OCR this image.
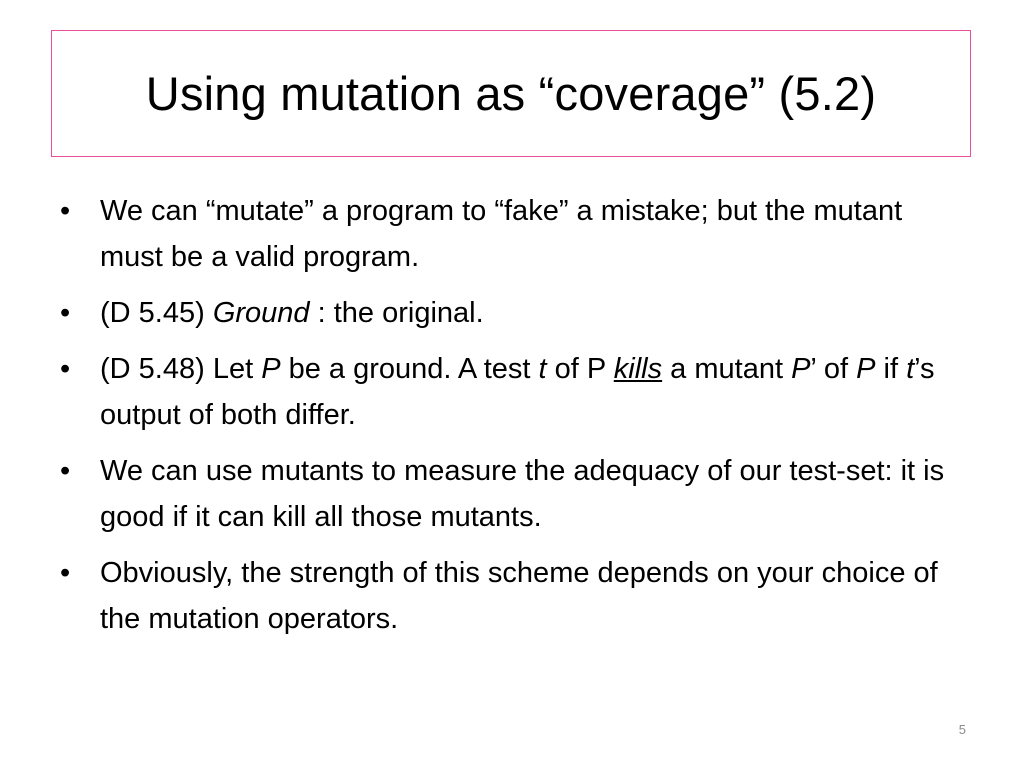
Using mutation as “coverage” (5.2)
•	We can “mutate” a program to “fake” a mistake; but the mutant must be a valid program.
•	(D 5.45) Ground : the original.
•	(D 5.48) Let P be a ground. A test t of P kills a mutant P’ of P if t’s output of both differ.
•	We can use mutants to measure the adequacy of our test-set: it is good if it can kill all those mutants.
•	Obviously, the strength of this scheme depends on your choice of the mutation operators.
5
